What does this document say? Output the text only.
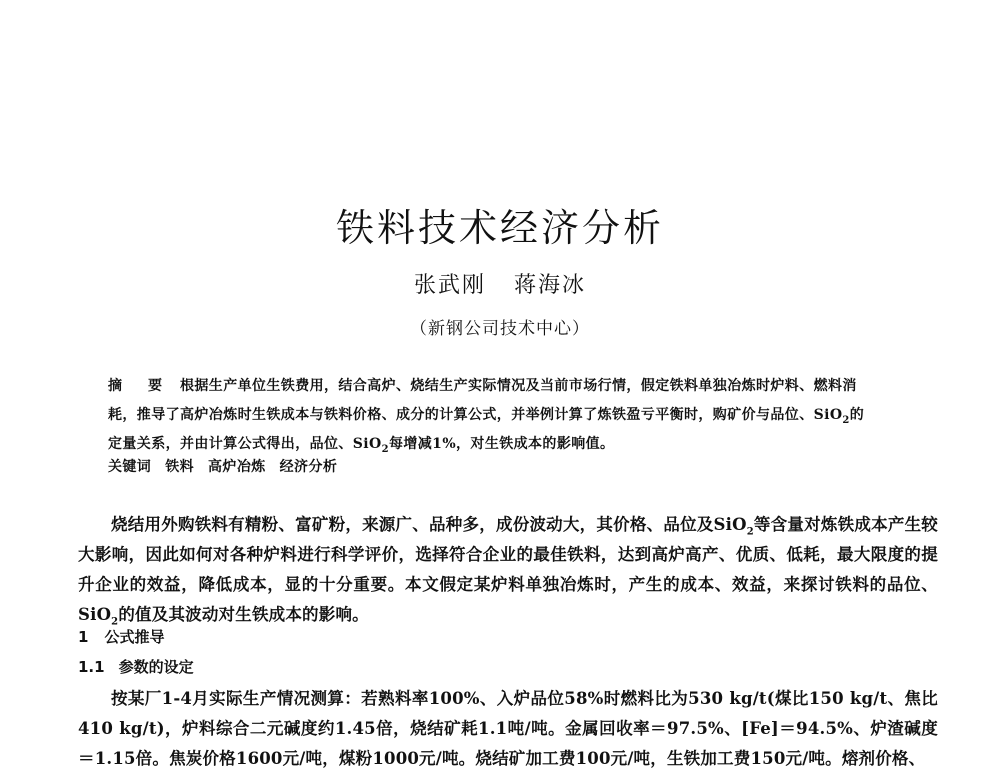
铁料技术经济分析
张武刚 蒋海冰
（新钢公司技术中心）
摘　要 根据生产单位生铁费用，结合高炉、烧结生产实际情况及当前市场行情，假定铁料单独冶炼时炉料、燃料消耗，推导了高炉冶炼时生铁成本与铁料价格、成分的计算公式，并举例计算了炼铁盈亏平衡时，购矿价与品位、SiO$_2$的定量关系，并由计算公式得出，品位、SiO$_2$每增减1%，对生铁成本的影响值。
关键词 铁料 高炉冶炼 经济分析

烧结用外购铁料有精粉、富矿粉，来源广、品种多，成份波动大，其价格、品位及SiO$_2$等含量对炼铁成本产生较大影响，因此如何对各种炉料进行科学评价，选择符合企业的最佳铁料，达到高炉高产、优质、低耗，最大限度的提升企业的效益，降低成本，显的十分重要。本文假定某炉料单独冶炼时，产生的成本、效益，来探讨铁料的品位、SiO$_2$的值及其波动对生铁成本的影响。

1 公式推导
1.1 参数的设定

按某厂1-4月实际生产情况测算：若熟料率100%、入炉品位58%时燃料比为530 kg/t(煤比150 kg/t、焦比410 kg/t)，炉料综合二元碱度约1.45倍，烧结矿耗1.1吨/吨。金属回收率＝97.5%、[Fe]＝94.5%、炉渣碱度＝1.15倍。焦炭价格1600元/吨，煤粉1000元/吨。烧结矿加工费100元/吨，生铁加工费150元/吨。熔剂价格、
